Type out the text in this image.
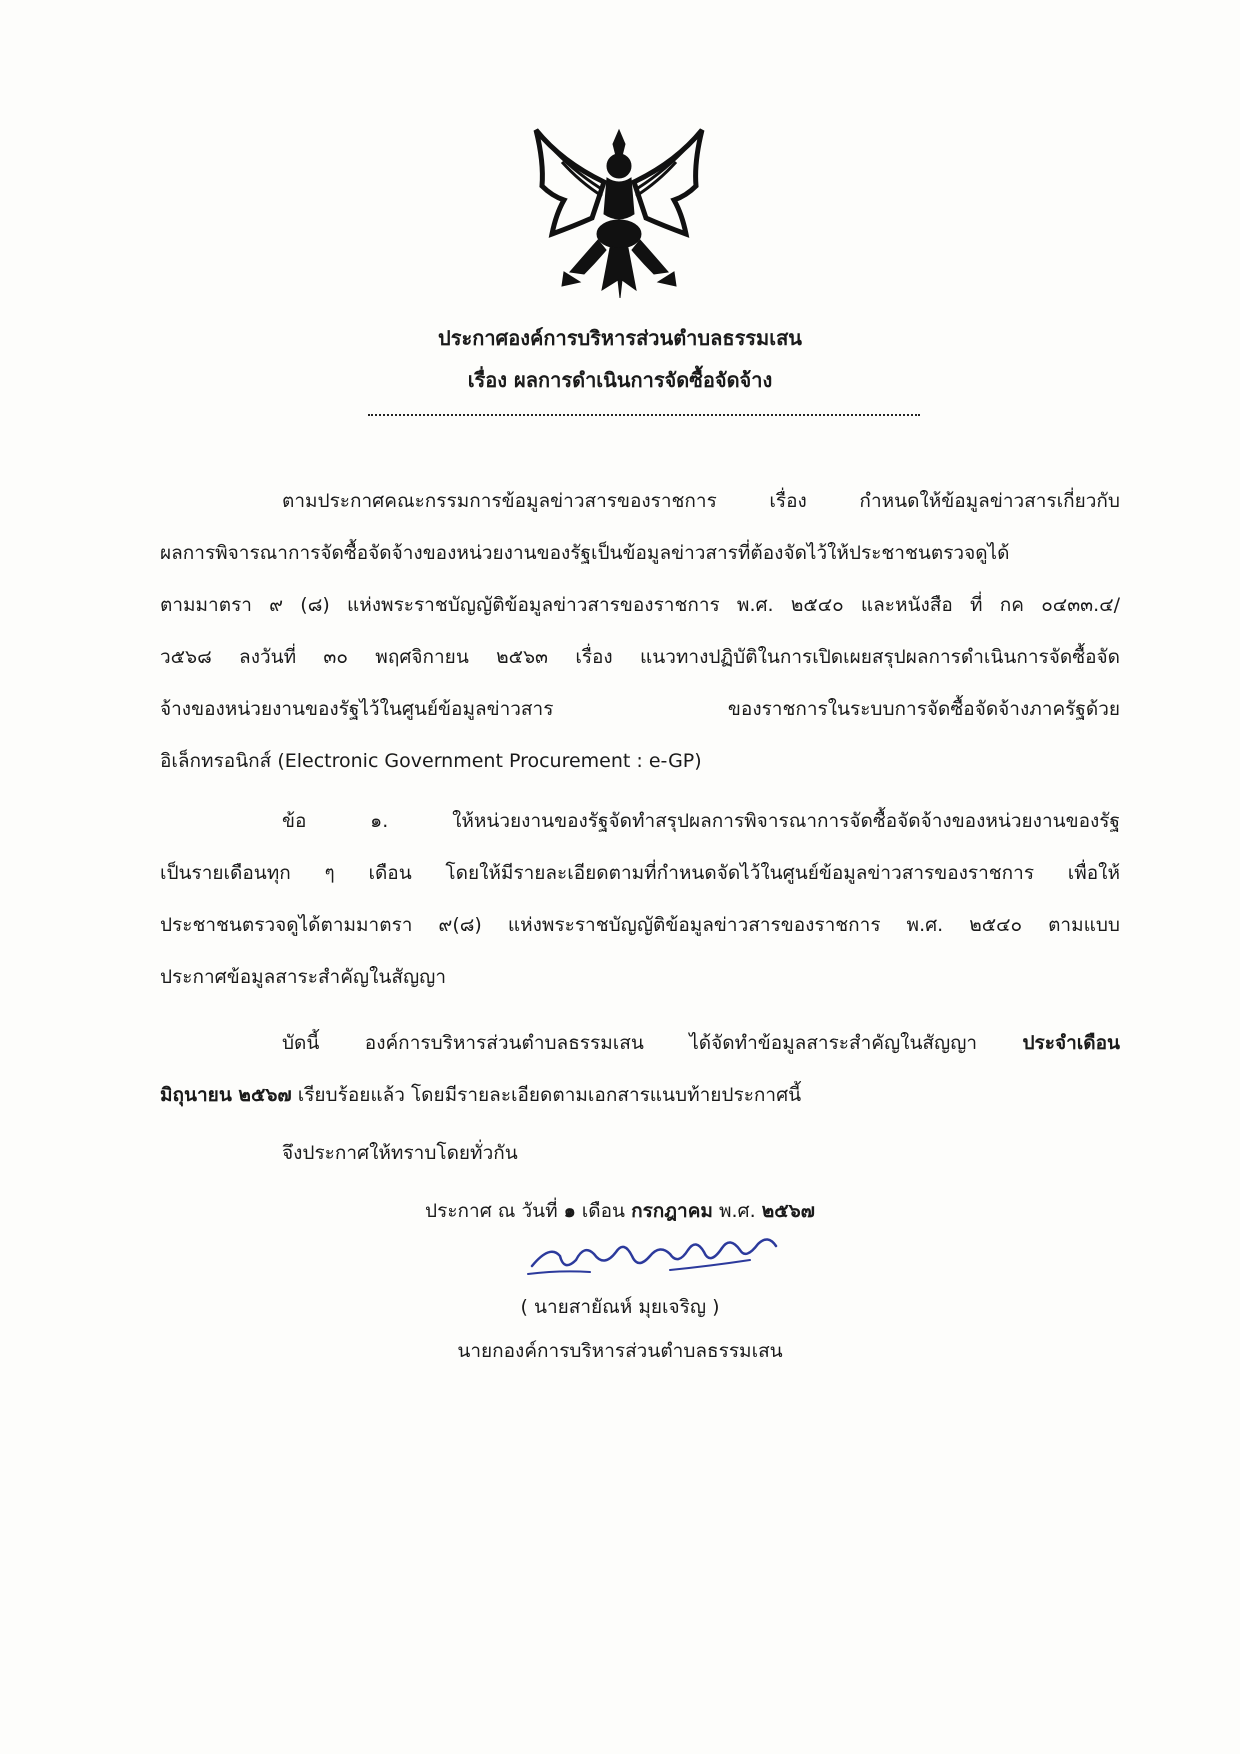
ประกาศองค์การบริหารส่วนตำบลธรรมเสน
เรื่อง ผลการดำเนินการจัดซื้อจัดจ้าง
ตามประกาศคณะกรรมการข้อมูลข่าวสารของราชการ เรื่อง กำหนดให้ข้อมูลข่าวสารเกี่ยวกับ
ผลการพิจารณาการจัดซื้อจัดจ้างของหน่วยงานของรัฐเป็นข้อมูลข่าวสารที่ต้องจัดไว้ให้ประชาชนตรวจดูได้
ตามมาตรา ๙ (๘) แห่งพระราชบัญญัติข้อมูลข่าวสารของราชการ พ.ศ. ๒๕๔๐ และหนังสือ ที่ กค ๐๔๓๓.๔/
ว๕๖๘ ลงวันที่ ๓๐ พฤศจิกายน ๒๕๖๓ เรื่อง แนวทางปฏิบัติในการเปิดเผยสรุปผลการดำเนินการจัดซื้อจัด
จ้างของหน่วยงานของรัฐไว้ในศูนย์ข้อมูลข่าวสาร ของราชการในระบบการจัดซื้อจัดจ้างภาครัฐด้วย
อิเล็กทรอนิกส์ (Electronic Government Procurement : e-GP)
ข้อ ๑. ให้หน่วยงานของรัฐจัดทำสรุปผลการพิจารณาการจัดซื้อจัดจ้างของหน่วยงานของรัฐ
เป็นรายเดือนทุก ๆ เดือน โดยให้มีรายละเอียดตามที่กำหนดจัดไว้ในศูนย์ข้อมูลข่าวสารของราชการ เพื่อให้
ประชาชนตรวจดูได้ตามมาตรา ๙(๘) แห่งพระราชบัญญัติข้อมูลข่าวสารของราชการ พ.ศ. ๒๕๔๐ ตามแบบ
ประกาศข้อมูลสาระสำคัญในสัญญา
บัดนี้ องค์การบริหารส่วนตำบลธรรมเสน ได้จัดทำข้อมูลสาระสำคัญในสัญญา ประจำเดือน
มิถุนายน ๒๕๖๗ เรียบร้อยแล้ว โดยมีรายละเอียดตามเอกสารแนบท้ายประกาศนี้
จึงประกาศให้ทราบโดยทั่วกัน
ประกาศ ณ วันที่ ๑ เดือน กรกฎาคม พ.ศ. ๒๕๖๗
( นายสายัณห์ มุยเจริญ )
นายกองค์การบริหารส่วนตำบลธรรมเสน
